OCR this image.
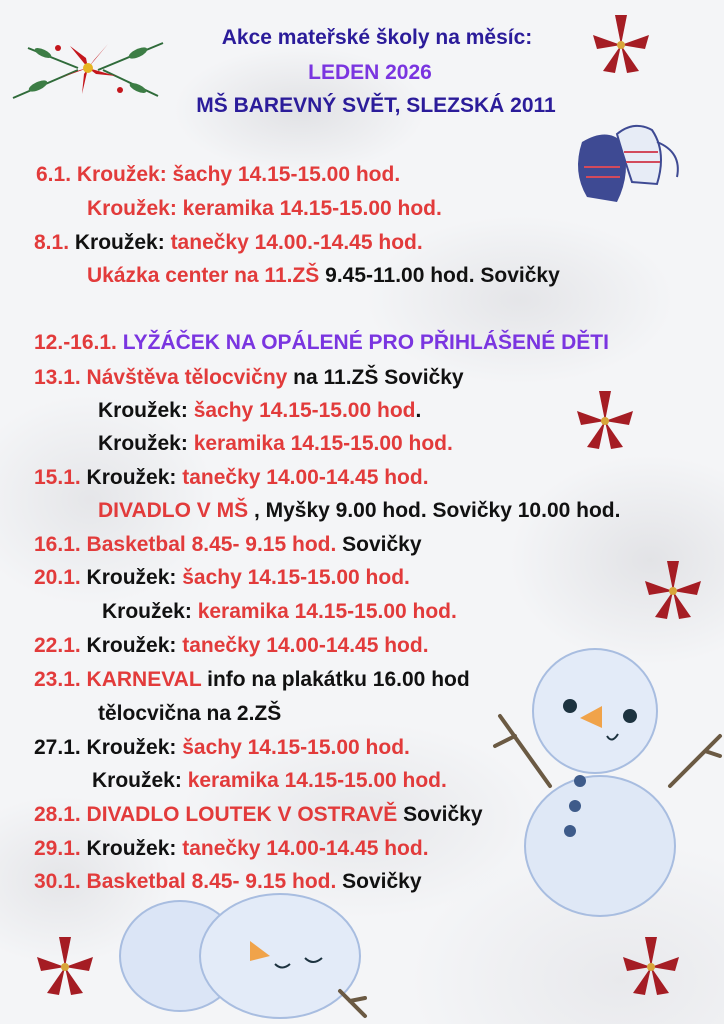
Akce mateřské školy na měsíc:
LEDEN 2026
MŠ BAREVNÝ SVĚT, SLEZSKÁ 2011
6.1. Kroužek: šachy 14.15-15.00 hod.
Kroužek: keramika 14.15-15.00 hod.
8.1. Kroužek: tanečky 14.00.-14.45 hod.
Ukázka center na 11.ZŠ 9.45-11.00 hod. Sovičky
12.-16.1. LYŽÁČEK NA OPÁLENÉ PRO PŘIHLÁŠENÉ DĚTI
13.1. Návštěva tělocvičny na 11.ZŠ Sovičky
Kroužek: šachy 14.15-15.00 hod.
Kroužek: keramika 14.15-15.00 hod.
15.1. Kroužek: tanečky 14.00-14.45 hod.
DIVADLO V MŠ , Myšky 9.00 hod. Sovičky 10.00 hod.
16.1. Basketbal 8.45- 9.15 hod. Sovičky
20.1. Kroužek: šachy 14.15-15.00 hod.
Kroužek: keramika 14.15-15.00 hod.
22.1. Kroužek: tanečky 14.00-14.45 hod.
23.1. KARNEVAL info na plakátku 16.00 hod
tělocvična na 2.ZŠ
27.1. Kroužek: šachy 14.15-15.00 hod.
Kroužek: keramika 14.15-15.00 hod.
28.1. DIVADLO LOUTEK V OSTRAVĚ Sovičky
29.1. Kroužek: tanečky 14.00-14.45 hod.
30.1. Basketbal 8.45- 9.15 hod. Sovičky
